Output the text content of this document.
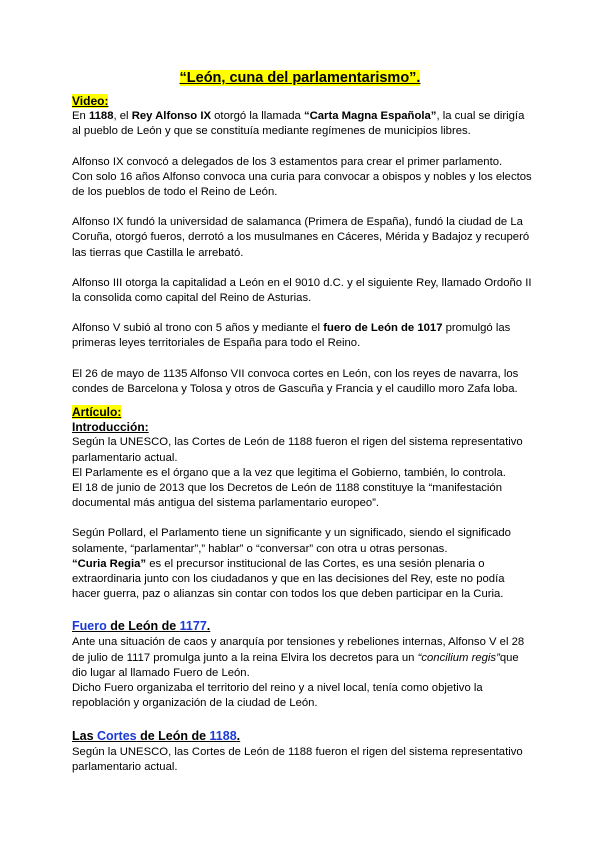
“León, cuna del parlamentarismo”.
Video:

En 1188, el Rey Alfonso IX otorgó la llamada “Carta Magna Española”, la cual se dirigía al pueblo de León y que se constituía mediante regímenes de municipios libres.

Alfonso IX convocó a delegados de los 3 estamentos para crear el primer parlamento.

Con solo 16 años Alfonso convoca una curia para convocar a obispos y nobles y los electos de los pueblos de todo el Reino de León.

Alfonso IX fundó la universidad de salamanca (Primera de España), fundó la ciudad de La Coruña, otorgó fueros, derrotó a los musulmanes en Cáceres, Mérida y Badajoz y recuperó las tierras que Castilla le arrebató.

Alfonso III otorga la capitalidad a León en el 9010 d.C. y el siguiente Rey, llamado Ordoño II la consolida como capital del Reino de Asturias.

Alfonso V subió al trono con 5 años y mediante el fuero de León de 1017 promulgó las primeras leyes territoriales de España para todo el Reino.

El 26 de mayo de 1135 Alfonso VII convoca cortes en León, con los reyes de navarra, los condes de Barcelona y Tolosa y otros de Gascuña y Francia y el caudillo moro Zafa loba.

Artículo:
Introducción:

Según la UNESCO, las Cortes de León de 1188 fueron el rigen del sistema representativo parlamentario actual.

El Parlamente es el órgano que a la vez que legitima el Gobierno, también, lo controla.

El 18 de junio de 2013 que los Decretos de León de 1188 constituye la “manifestación documental más antigua del sistema parlamentario europeo”.

Según Pollard, el Parlamento tiene un significante y un significado, siendo el significado solamente, “parlamentar”,” hablar” o “conversar” con otra u otras personas.

“Curia Regia” es el precursor institucional de las Cortes, es una sesión plenaria o extraordinaria junto con los ciudadanos y que en las decisiones del Rey, este no podía hacer guerra, paz o alianzas sin contar con todos los que deben participar en la Curia.

Fuero de León de 1177.

Ante una situación de caos y anarquía por tensiones y rebeliones internas, Alfonso V el 28 de julio de 1117 promulga junto a la reina Elvira los decretos para un “concilium regis”que dio lugar al llamado Fuero de León.

Dicho Fuero organizaba el territorio del reino y a nivel local, tenía como objetivo la repoblación y organización de la ciudad de León.

Las Cortes de León de 1188.

Según la UNESCO, las Cortes de León de 1188 fueron el rigen del sistema representativo parlamentario actual.
